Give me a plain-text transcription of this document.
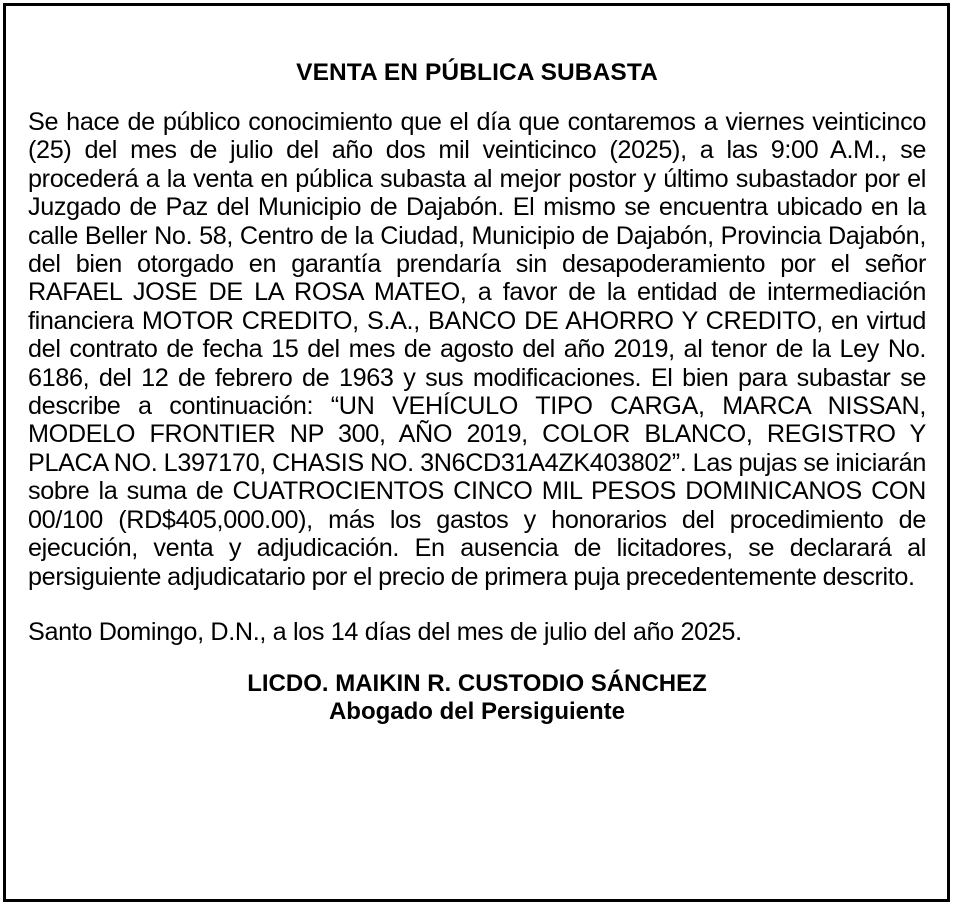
VENTA EN PÚBLICA SUBASTA

Se hace de público conocimiento que el día que contaremos a viernes veinticinco (25) del mes de julio del año dos mil veinticinco (2025), a las 9:00 A.M., se procederá a la venta en pública subasta al mejor postor y último subastador por el Juzgado de Paz del Municipio de Dajabón. El mismo se encuentra ubicado en la calle Beller No. 58, Centro de la Ciudad, Municipio de Dajabón, Provincia Dajabón, del bien otorgado en garantía prendaría sin desapoderamiento por el señor RAFAEL JOSE DE LA ROSA MATEO, a favor de la entidad de intermediación financiera MOTOR CREDITO, S.A., BANCO DE AHORRO Y CREDITO, en virtud del contrato de fecha 15 del mes de agosto del año 2019, al tenor de la Ley No. 6186, del 12 de febrero de 1963 y sus modificaciones. El bien para subastar se describe a continuación: “UN VEHÍCULO TIPO CARGA, MARCA NISSAN, MODELO FRONTIER NP 300, AÑO 2019, COLOR BLANCO, REGISTRO Y PLACA NO. L397170, CHASIS NO. 3N6CD31A4ZK403802”. Las pujas se iniciarán sobre la suma de CUATROCIENTOS CINCO MIL PESOS DOMINICANOS CON 00/100 (RD$405,000.00), más los gastos y honorarios del procedimiento de ejecución, venta y adjudicación. En ausencia de licitadores, se declarará al persiguiente adjudicatario por el precio de primera puja precedentemente descrito.

Santo Domingo, D.N., a los 14 días del mes de julio del año 2025.

LICDO. MAIKIN R. CUSTODIO SÁNCHEZ
Abogado del Persiguiente
